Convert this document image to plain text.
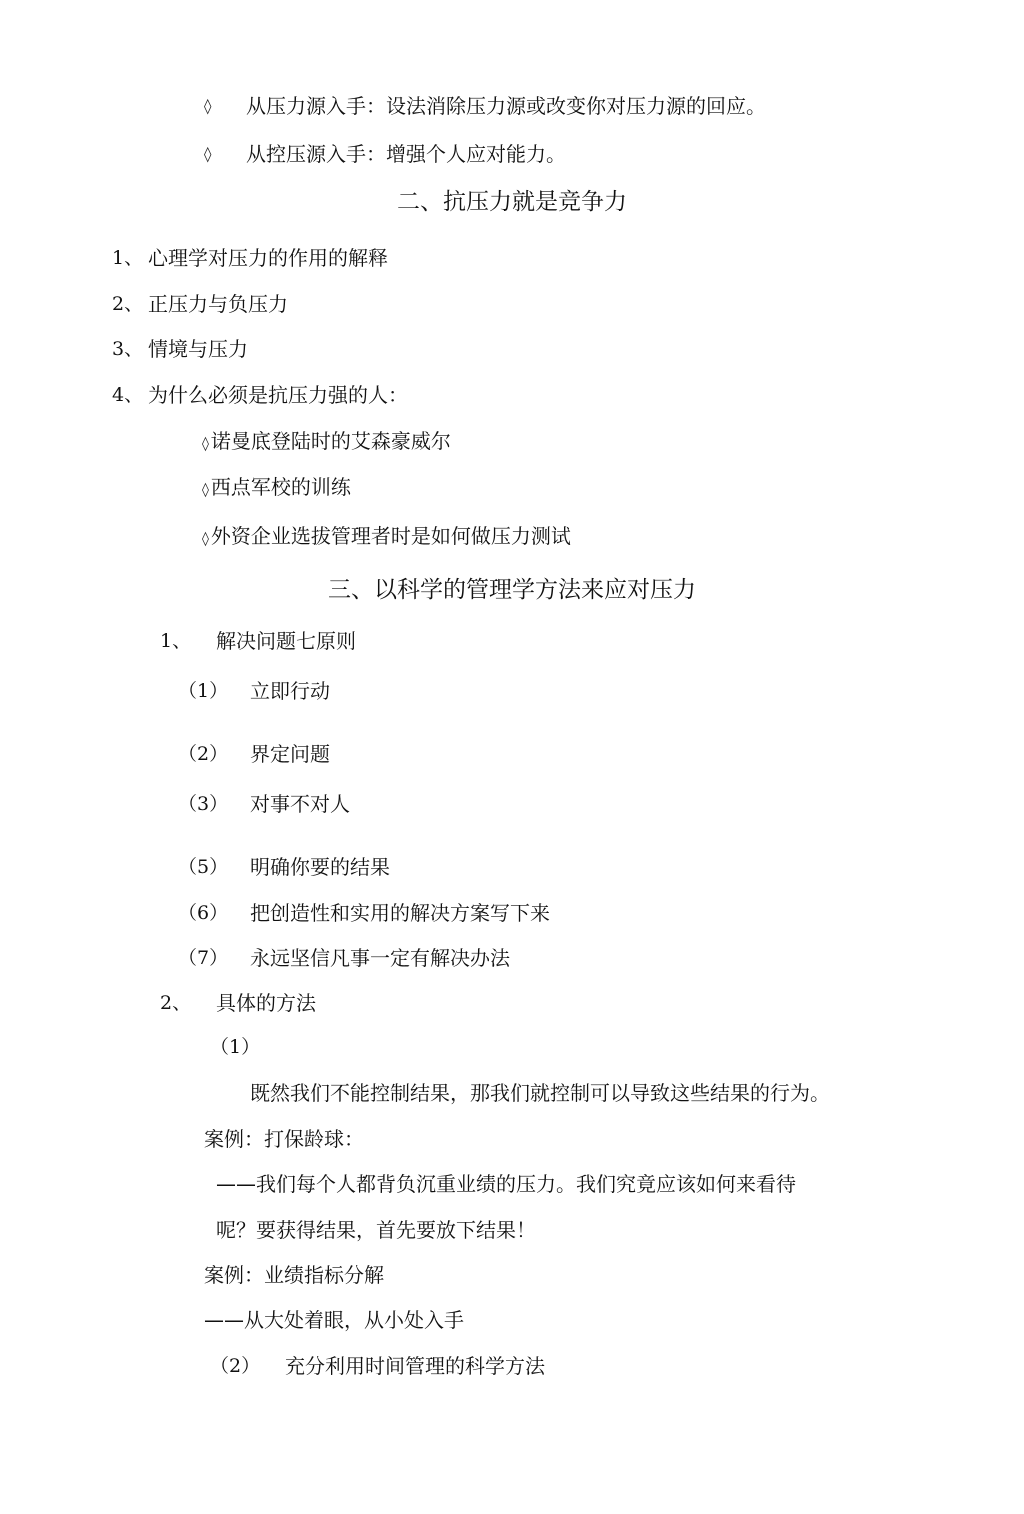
◊ 从压力源入手：设法消除压力源或改变你对压力源的回应。
◊ 从控压源入手：增强个人应对能力。
二、抗压力就是竞争力
1、 心理学对压力的作用的解释
2、 正压力与负压力
3、 情境与压力
4、 为什么必须是抗压力强的人：
◊ 诺曼底登陆时的艾森豪威尔
◊ 西点军校的训练
◊ 外资企业选拔管理者时是如何做压力测试
三、以科学的管理学方法来应对压力
1、 解决问题七原则
（1） 立即行动
（2） 界定问题
（3） 对事不对人
（5） 明确你要的结果
（6） 把创造性和实用的解决方案写下来
（7） 永远坚信凡事一定有解决办法
2、 具体的方法
（1）
既然我们不能控制结果，那我们就控制可以导致这些结果的行为。
案例：打保龄球：
——我们每个人都背负沉重业绩的压力。我们究竟应该如何来看待
呢？要获得结果，首先要放下结果！
案例：业绩指标分解
——从大处着眼，从小处入手
（2） 充分利用时间管理的科学方法
